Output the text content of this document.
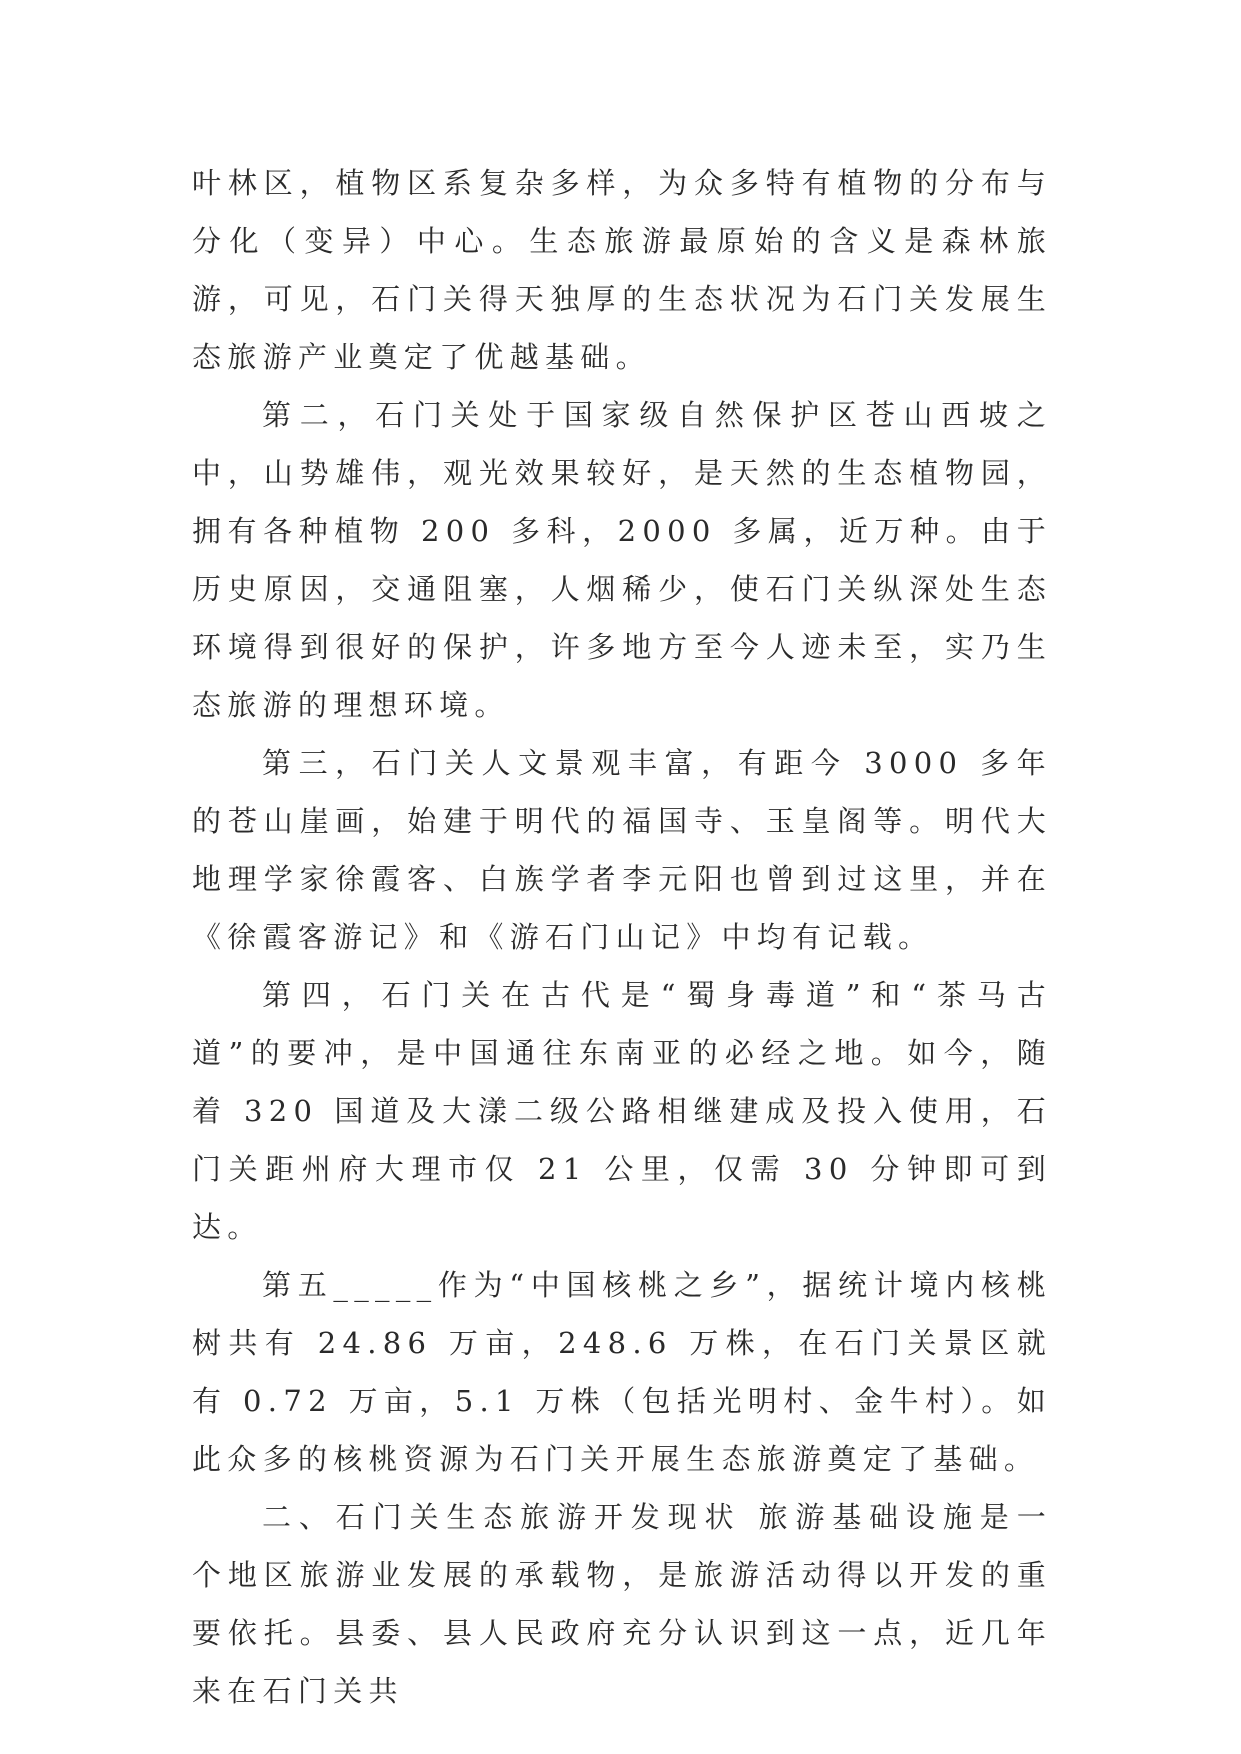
叶林区，植物区系复杂多样，为众多特有植物的分布与分化（变异）中心。生态旅游最原始的含义是森林旅游，可见，石门关得天独厚的生态状况为石门关发展生态旅游产业奠定了优越基础。

第二，石门关处于国家级自然保护区苍山西坡之中，山势雄伟，观光效果较好，是天然的生态植物园，拥有各种植物 200 多科，2000 多属，近万种。由于历史原因，交通阻塞，人烟稀少，使石门关纵深处生态环境得到很好的保护，许多地方至今人迹未至，实乃生态旅游的理想环境。

第三，石门关人文景观丰富，有距今 3000 多年的苍山崖画，始建于明代的福国寺、玉皇阁等。明代大地理学家徐霞客、白族学者李元阳也曾到过这里，并在《徐霞客游记》和《游石门山记》中均有记载。

第四，石门关在古代是“蜀身毒道”和“茶马古道”的要冲，是中国通往东南亚的必经之地。如今，随着 320 国道及大漾二级公路相继建成及投入使用，石门关距州府大理市仅 21 公里，仅需 30 分钟即可到达。

第五_____作为“中国核桃之乡”，据统计境内核桃树共有 24.86 万亩，248.6 万株，在石门关景区就有 0.72 万亩，5.1 万株（包括光明村、金牛村）。如此众多的核桃资源为石门关开展生态旅游奠定了基础。

二、石门关生态旅游开发现状 旅游基础设施是一个地区旅游业发展的承载物，是旅游活动得以开发的重要依托。县委、县人民政府充分认识到这一点，近几年来在石门关共
